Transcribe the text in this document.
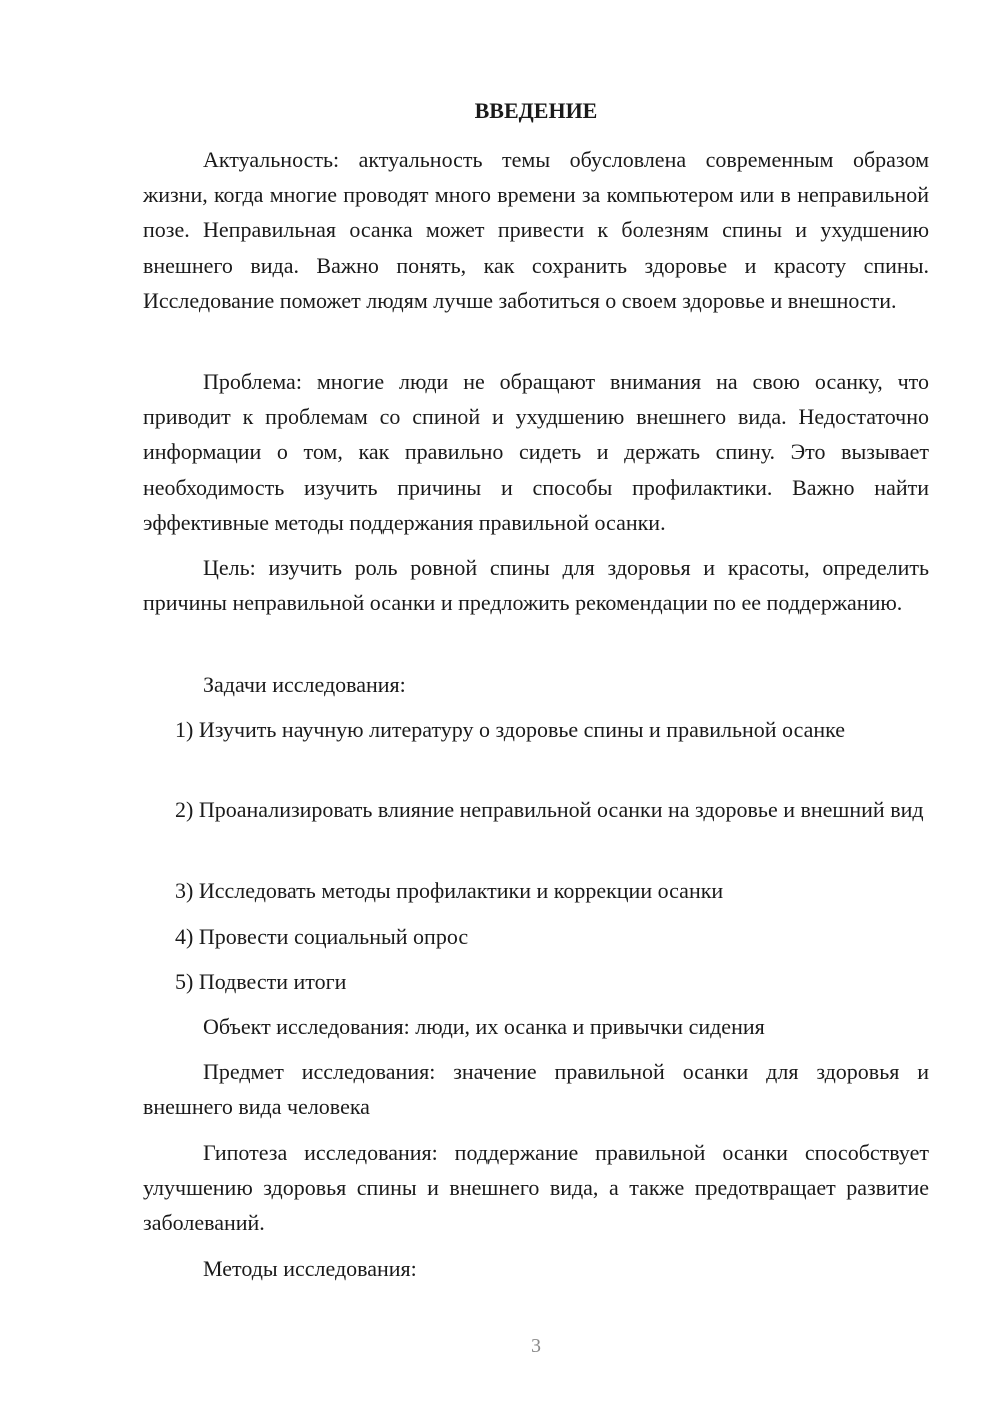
ВВЕДЕНИЕ

Актуальность: актуальность темы обусловлена современным образом жизни, когда многие проводят много времени за компьютером или в неправильной позе. Неправильная осанка может привести к болезням спины и ухудшению внешнего вида. Важно понять, как сохранить здоровье и красоту спины. Исследование поможет людям лучше заботиться о своем здоровье и внешности.

Проблема: многие люди не обращают внимания на свою осанку, что приводит к проблемам со спиной и ухудшению внешнего вида. Недостаточно информации о том, как правильно сидеть и держать спину. Это вызывает необходимость изучить причины и способы профилактики. Важно найти эффективные методы поддержания правильной осанки.

Цель: изучить роль ровной спины для здоровья и красоты, определить причины неправильной осанки и предложить рекомендации по ее поддержанию.

Задачи исследования:

1) Изучить научную литературу о здоровье спины и правильной осанке

2) Проанализировать влияние неправильной осанки на здоровье и внешний вид

3) Исследовать методы профилактики и коррекции осанки

4) Провести социальный опрос

5) Подвести итоги

Объект исследования: люди, их осанка и привычки сидения

Предмет исследования: значение правильной осанки для здоровья и внешнего вида человека

Гипотеза исследования: поддержание правильной осанки способствует улучшению здоровья спины и внешнего вида, а также предотвращает развитие заболеваний.

Методы исследования:

3
